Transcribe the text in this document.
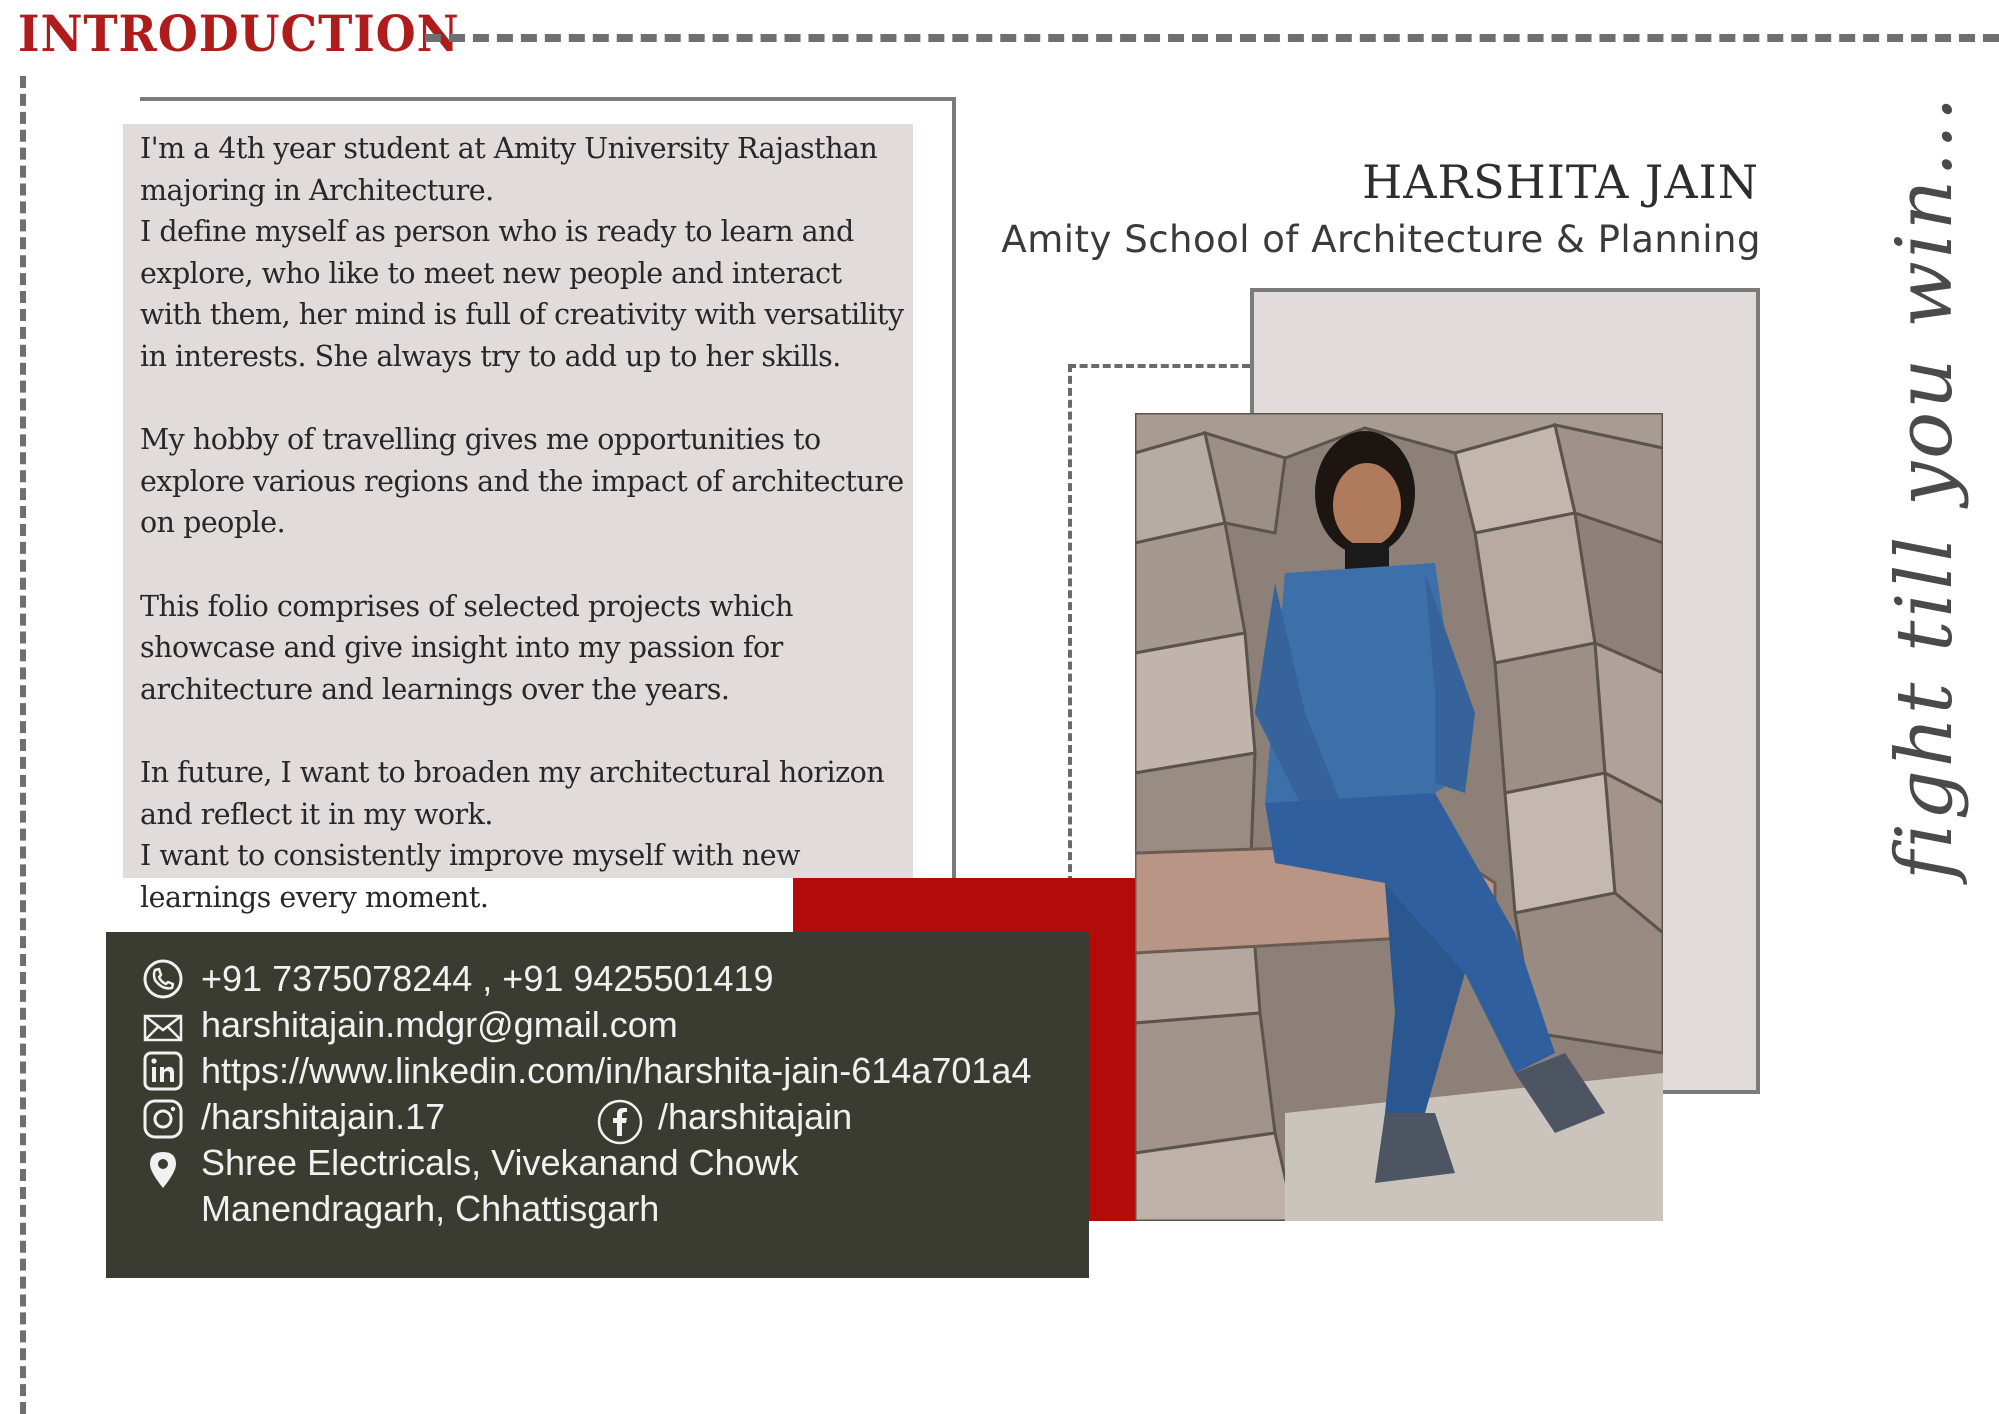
INTRODUCTION
I'm a 4th year student at Amity University Rajasthan majoring in Architecture.
I define myself as person who is ready to learn and explore, who like to meet new people and interact with them, her mind is full of creativity with versatility in interests. She always try to add up to her skills.

My hobby of travelling gives me opportunities to explore various regions and the impact of architecture on people.

This folio comprises of selected projects which showcase and give insight into my passion for architecture and learnings over the years.

In future, I want to broaden my architectural horizon and reflect it in my work.
I want to consistently improve myself with new learnings every moment.
HARSHITA JAIN
Amity School of Architecture & Planning
+91 7375078244 , +91 9425501419
harshitajain.mdgr@gmail.com
https://www.linkedin.com/in/harshita-jain-614a701a4
/harshitajain.17	/harshitajain
Shree Electricals, Vivekanand Chowk
Manendragarh, Chhattisgarh
fight till you win...
